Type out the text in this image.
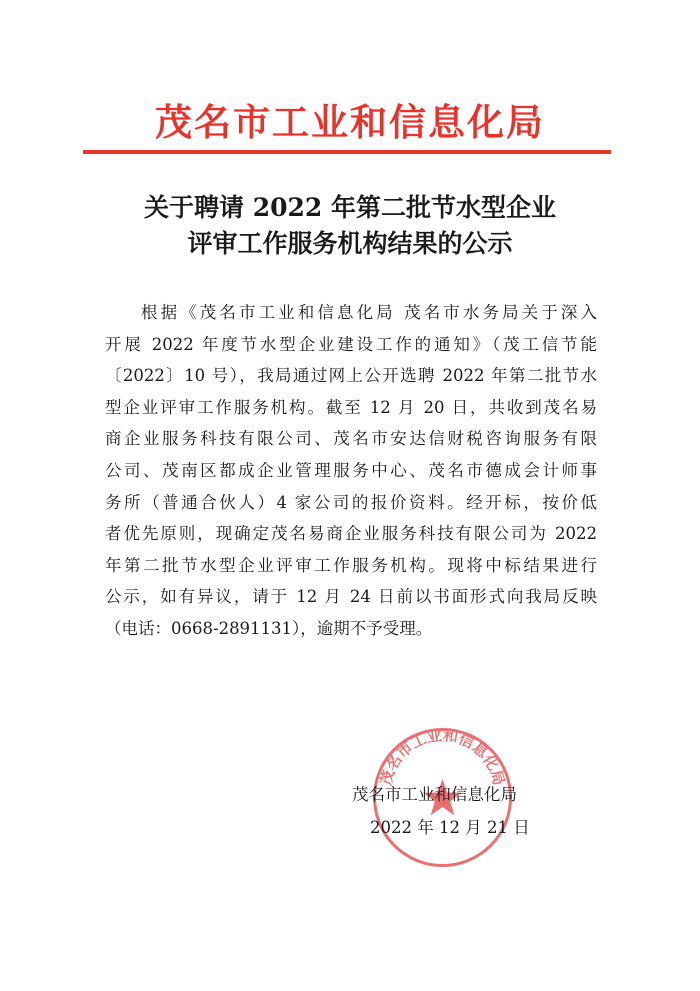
茂名市工业和信息化局
关于聘请 2022 年第二批节水型企业
评审工作服务机构结果的公示
根据《茂名市工业和信息化局 茂名市水务局关于深入
开展 2022 年度节水型企业建设工作的通知》（茂工信节能
〔2022〕10 号），我局通过网上公开选聘 2022 年第二批节水
型企业评审工作服务机构。截至 12 月 20 日，共收到茂名易
商企业服务科技有限公司、茂名市安达信财税咨询服务有限
公司、茂南区都成企业管理服务中心、茂名市德成会计师事
务所（普通合伙人）4 家公司的报价资料。经开标，按价低
者优先原则，现确定茂名易商企业服务科技有限公司为 2022
年第二批节水型企业评审工作服务机构。现将中标结果进行
公示，如有异议，请于 12 月 24 日前以书面形式向我局反映
（电话：0668-2891131），逾期不予受理。
茂名市工业和信息化局
茂名市工业和信息化局
2022 年 12 月 21 日
